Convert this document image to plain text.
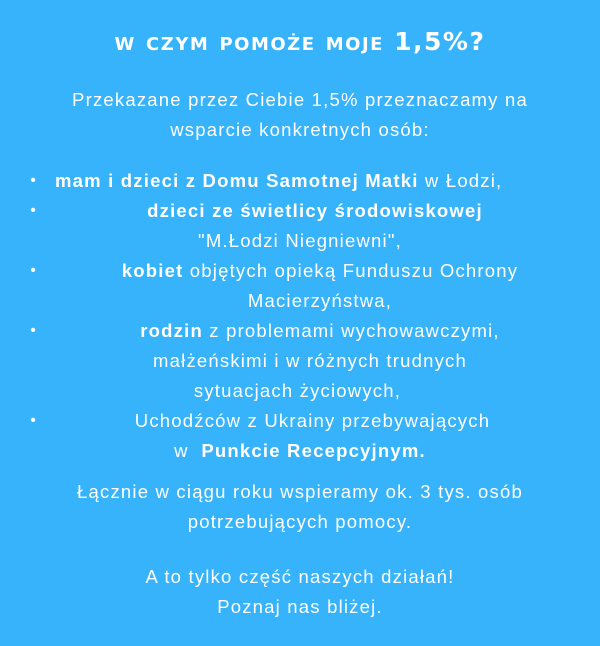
w czym pomoże moje 1,5%?
Przekazane przez Ciebie 1,5% przeznaczamy na
wsparcie konkretnych osób:
•	mam i dzieci z Domu Samotnej Matki w Łodzi,
•	dzieci ze świetlicy środowiskowej
"M.Łodzi Niegniewni",
•	kobiet objętych opieką Funduszu Ochrony
Macierzyństwa,
•	rodzin z problemami wychowawczymi,
małżeńskimi i w różnych trudnych
sytuacjach życiowych,
•	Uchodźców z Ukrainy przebywających
w  Punkcie Recepcyjnym.
Łącznie w ciągu roku wspieramy ok. 3 tys. osób
potrzebujących pomocy.
A to tylko część naszych działań!
Poznaj nas bliżej.
